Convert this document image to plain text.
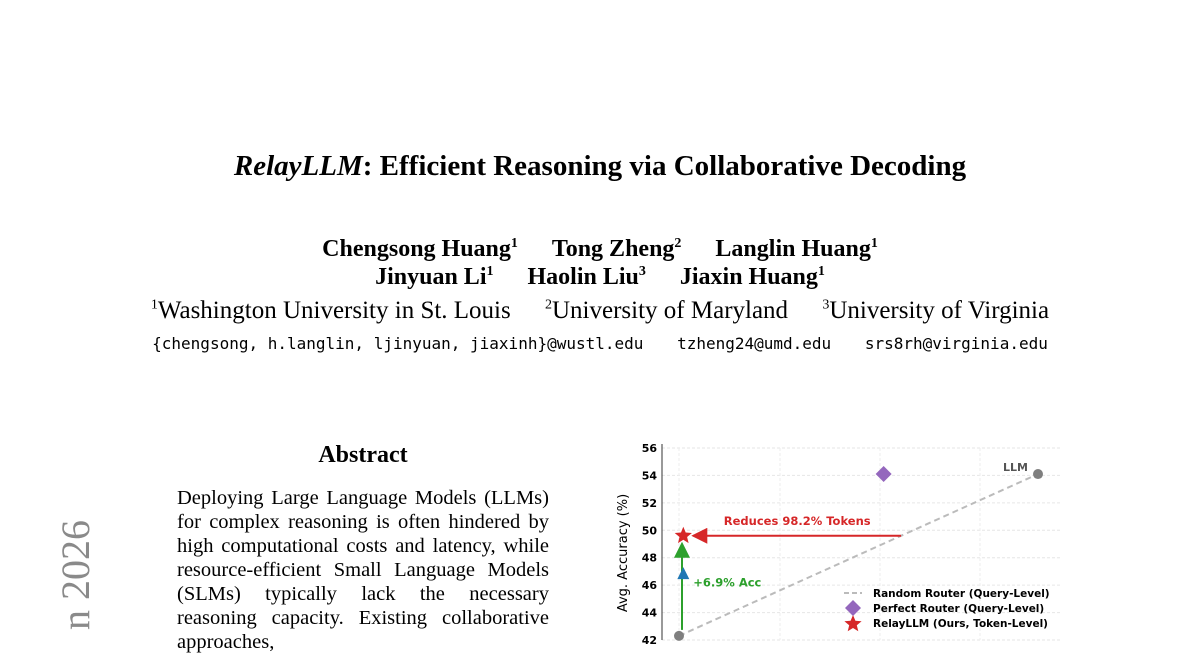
n 2026
RelayLLM: Efficient Reasoning via Collaborative Decoding
Chengsong Huang$^1$ Tong Zheng$^2$ Langlin Huang$^1$
Jinyuan Li$^1$ Haolin Liu$^3$ Jiaxin Huang$^1$
$^1$Washington University in St. Louis $^2$University of Maryland $^3$University of Virginia
{chengsong, h.langlin, ljinyuan, jiaxinh}@wustl.edu tzheng24@umd.edu srs8rh@virginia.edu
Abstract
Deploying Large Language Models (LLMs) for complex reasoning is often hindered by high computational costs and latency, while resource-efficient Small Language Models (SLMs) typically lack the necessary reasoning capacity. Existing collaborative approaches,
56
54
52
50
48
46
44
42
Avg. Accuracy (%)
LLM
Reduces 98.2% Tokens
+6.9% Acc
Random Router (Query-Level)
Perfect Router (Query-Level)
RelayLLM (Ours, Token-Level)
